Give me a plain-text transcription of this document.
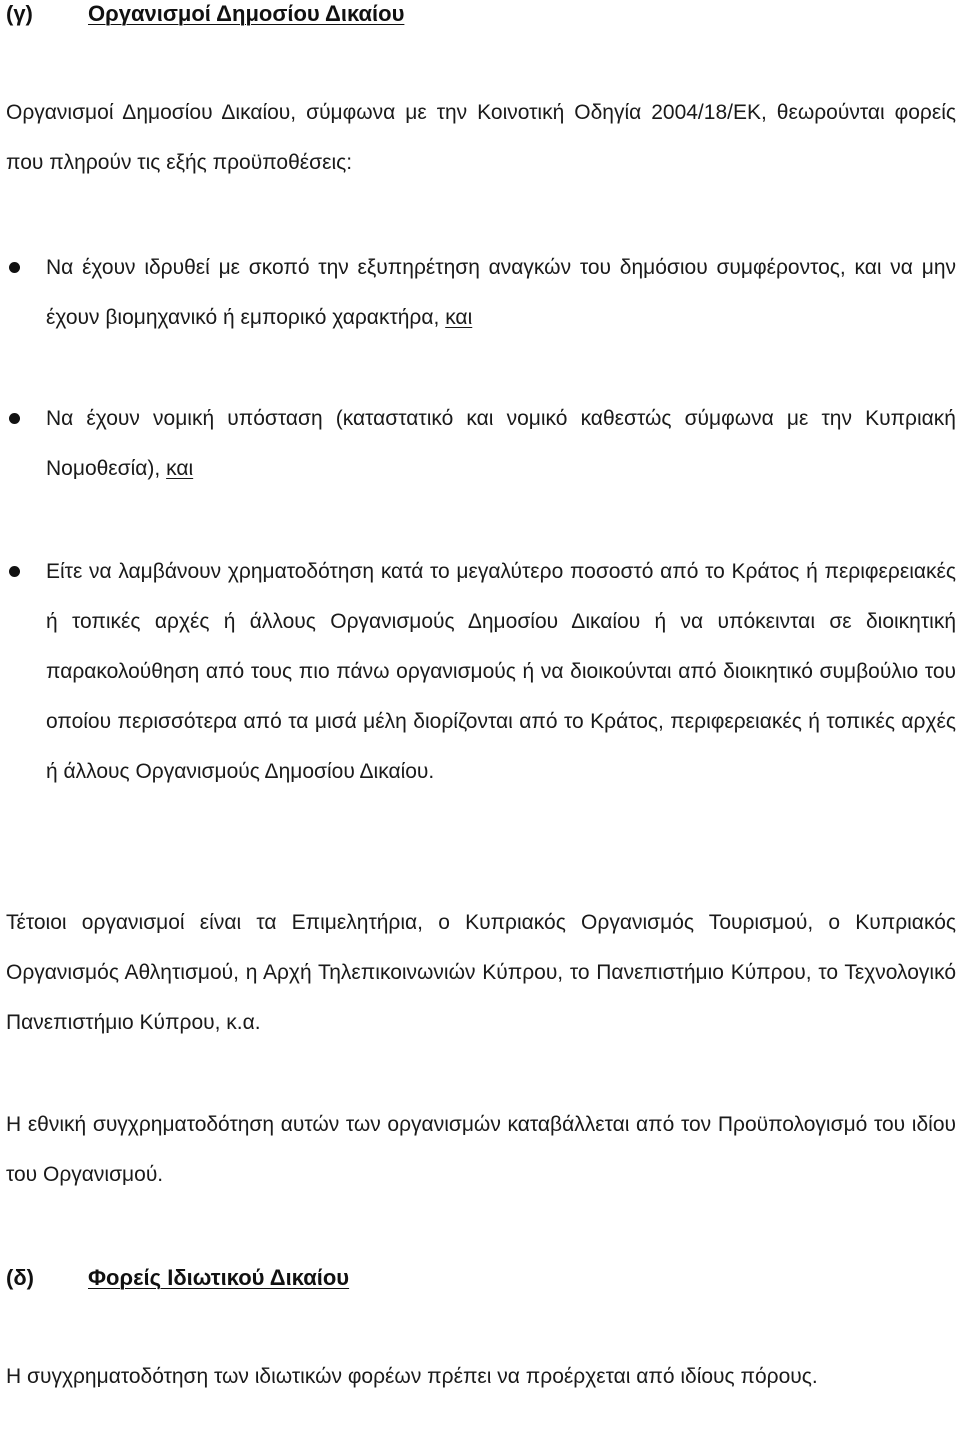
(γ)	Οργανισμοί Δημοσίου Δικαίου

Οργανισμοί Δημοσίου Δικαίου, σύμφωνα με την Κοινοτική Οδηγία 2004/18/ΕΚ, θεωρούνται φορείς που πληρούν τις εξής προϋποθέσεις:

Να έχουν ιδρυθεί με σκοπό την εξυπηρέτηση αναγκών του δημόσιου συμφέροντος, και να μην έχουν βιομηχανικό ή εμπορικό χαρακτήρα, και

Να έχουν νομική υπόσταση (καταστατικό και νομικό καθεστώς σύμφωνα με την Κυπριακή Νομοθεσία), και

Είτε να λαμβάνουν χρηματοδότηση κατά το μεγαλύτερο ποσοστό από το Κράτος ή περιφερειακές ή τοπικές αρχές ή άλλους Οργανισμούς Δημοσίου Δικαίου ή να υπόκεινται σε διοικητική παρακολούθηση από τους πιο πάνω οργανισμούς ή να διοικούνται από διοικητικό συμβούλιο του οποίου περισσότερα από τα μισά μέλη διορίζονται από το Κράτος, περιφερειακές ή τοπικές αρχές ή άλλους Οργανισμούς Δημοσίου Δικαίου.

Τέτοιοι οργανισμοί είναι τα Επιμελητήρια, ο Κυπριακός Οργανισμός Τουρισμού, ο Κυπριακός Οργανισμός Αθλητισμού, η Αρχή Τηλεπικοινωνιών Κύπρου, το Πανεπιστήμιο Κύπρου, το Τεχνολογικό Πανεπιστήμιο Κύπρου, κ.α.

Η εθνική συγχρηματοδότηση αυτών των οργανισμών καταβάλλεται από τον Προϋπολογισμό του ιδίου του Οργανισμού.

(δ) Φορείς Ιδιωτικού Δικαίου

Η συγχρηματοδότηση των ιδιωτικών φορέων πρέπει να προέρχεται από ιδίους πόρους.
